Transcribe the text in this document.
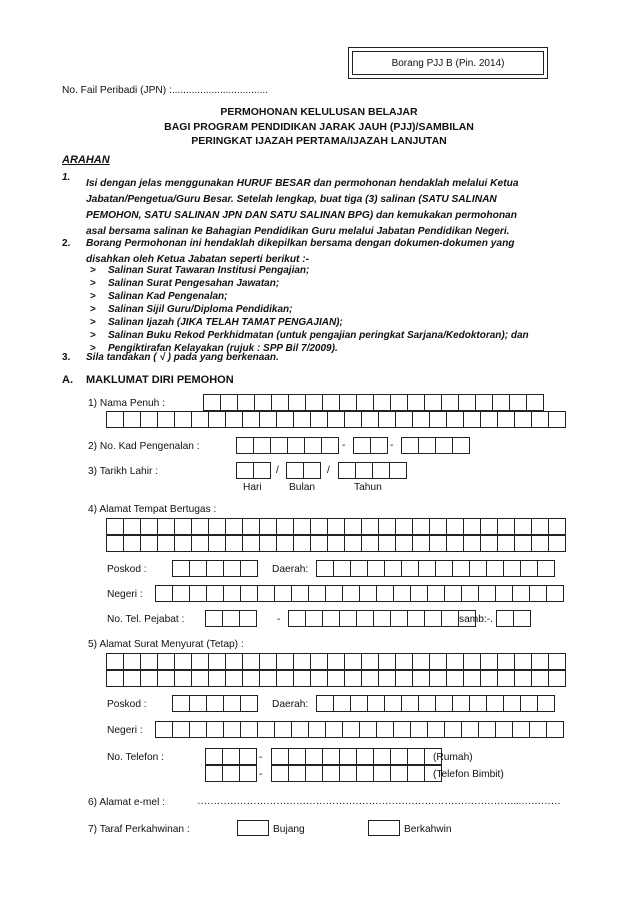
Borang PJJ B (Pin. 2014)
No. Fail Peribadi (JPN) :..................................
PERMOHONAN KELULUSAN BELAJAR
BAGI PROGRAM PENDIDIKAN JARAK JAUH (PJJ)/SAMBILAN
PERINGKAT IJAZAH PERTAMA/IJAZAH LANJUTAN
ARAHAN
1.
Isi dengan jelas menggunakan HURUF BESAR dan permohonan hendaklah melalui Ketua
Jabatan/Pengetua/Guru Besar. Setelah lengkap, buat tiga (3) salinan (SATU SALINAN
PEMOHON, SATU SALINAN JPN DAN SATU SALINAN BPG) dan kemukakan permohonan
asal bersama salinan ke Bahagian Pendidikan Guru melalui Jabatan Pendidikan Negeri.
2. Borang Permohonan ini hendaklah dikepilkan bersama dengan dokumen-dokumen yang
disahkan oleh Ketua Jabatan seperti berikut :-
> Salinan Surat Tawaran Institusi Pengajian;
> Salinan Surat Pengesahan Jawatan;
> Salinan Kad Pengenalan;
> Salinan Sijil Guru/Diploma Pendidikan;
> Salinan Ijazah (JIKA TELAH TAMAT PENGAJIAN);
> Salinan Buku Rekod Perkhidmatan (untuk pengajian peringkat Sarjana/Kedoktoran); dan
> Pengiktirafan Kelayakan (rujuk : SPP Bil 7/2009).
3. Sila tandakan ( √ ) pada yang berkenaan.
A. MAKLUMAT DIRI PEMOHON
1) Nama Penuh :
2) No. Kad Pengenalan :	-	-
3) Tarikh Lahir :	/	/
Hari	Bulan	Tahun
4) Alamat Tempat Bertugas :
Poskod :	Daerah:
Negeri :
No. Tel. Pejabat :	-	samb:-.
5) Alamat Surat Menyurat (Tetap) :
Poskod :	Daerah:
Negeri :
No. Telefon :	-	(Rumah)
-	(Telefon Bimbit)
6) Alamat e-mel :	……………………………………………………………………………………...…………
7) Taraf Perkahwinan :	Bujang	Berkahwin
